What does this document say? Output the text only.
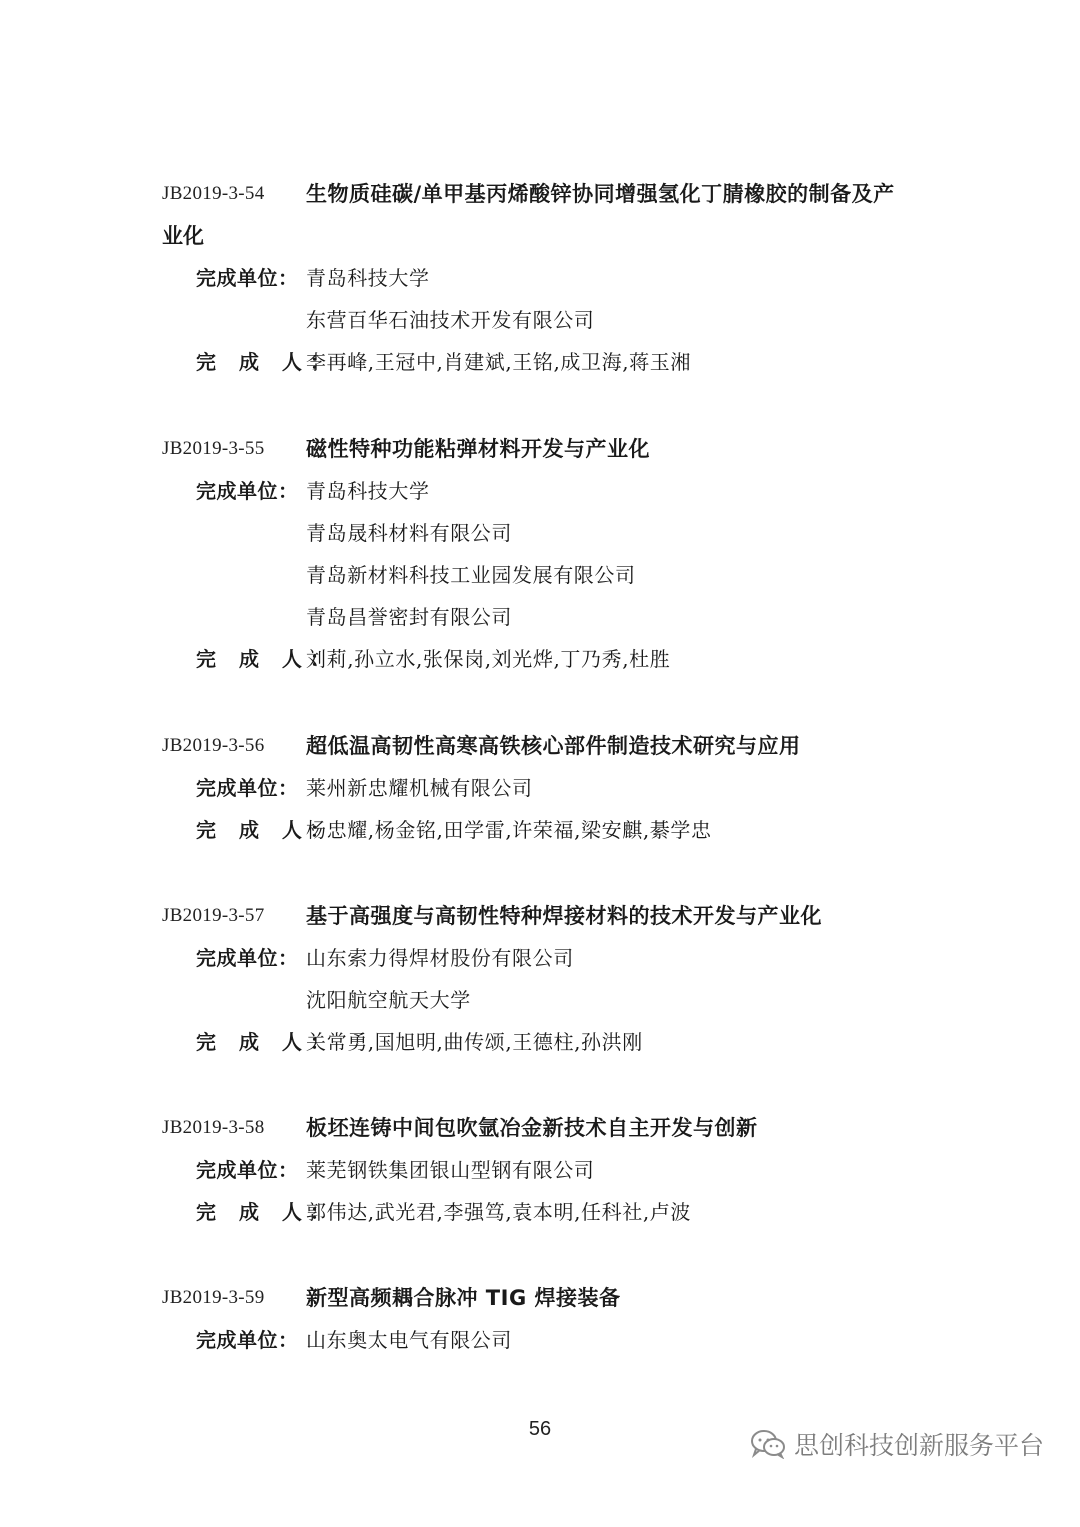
JB2019-3-54 生物质硅碳/单甲基丙烯酸锌协同增强氢化丁腈橡胶的制备及产
业化
完成单位： 青岛科技大学
东营百华石油技术开发有限公司
完 成 人：
李再峰,王冠中,肖建斌,王铭,成卫海,蒋玉湘
JB2019-3-55 磁性特种功能粘弹材料开发与产业化
完成单位： 青岛科技大学
青岛晟科材料有限公司
青岛新材料科技工业园发展有限公司
青岛昌誉密封有限公司
完 成 人：
刘莉,孙立水,张保岗,刘光烨,丁乃秀,杜胜
JB2019-3-56 超低温高韧性高寒高铁核心部件制造技术研究与应用
完成单位： 莱州新忠耀机械有限公司
完 成 人：
杨忠耀,杨金铭,田学雷,许荣福,梁安麒,綦学忠
JB2019-3-57 基于高强度与高韧性特种焊接材料的技术开发与产业化
完成单位： 山东索力得焊材股份有限公司
沈阳航空航天大学
完 成 人：
关常勇,国旭明,曲传颂,王德柱,孙洪刚
JB2019-3-58 板坯连铸中间包吹氩冶金新技术自主开发与创新
完成单位： 莱芜钢铁集团银山型钢有限公司
完 成 人：
郭伟达,武光君,李强笃,袁本明,任科社,卢波
JB2019-3-59 新型高频耦合脉冲 TIG 焊接装备
完成单位： 山东奥太电气有限公司
56
思创科技创新服务平台
